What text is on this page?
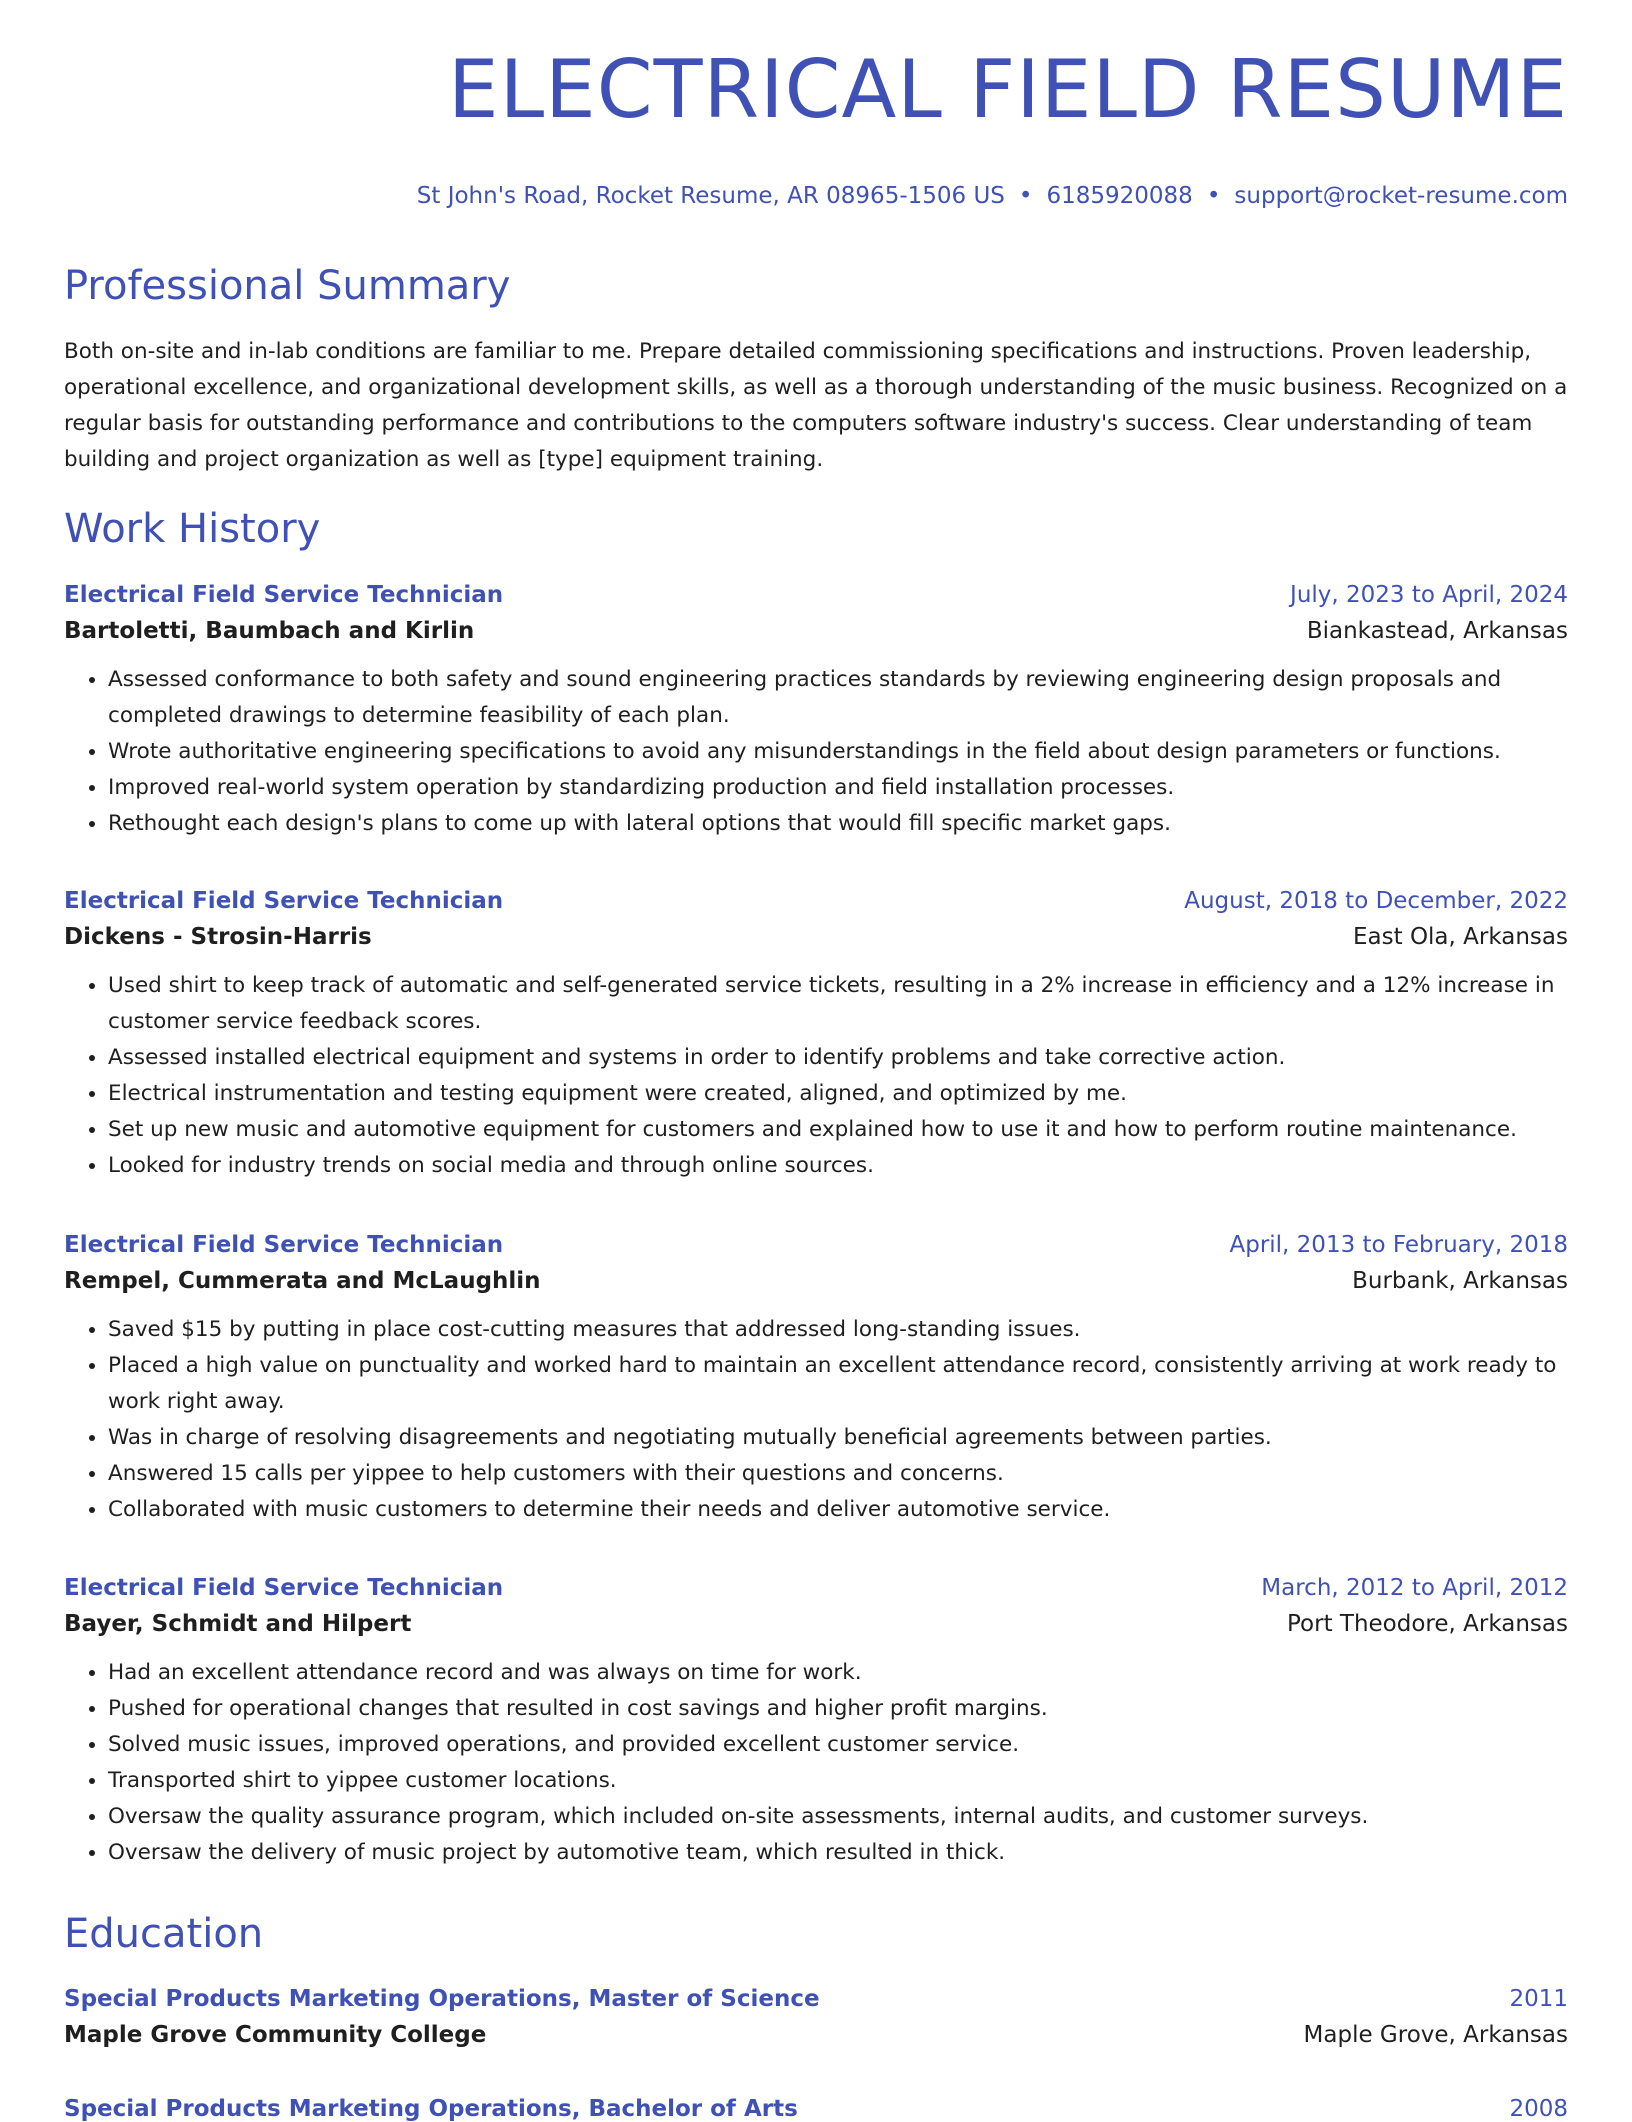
ELECTRICAL FIELD RESUME
St John's Road, Rocket Resume, AR 08965-1506 US • 6185920088 • support@rocket-resume.com
Professional Summary

Both on-site and in-lab conditions are familiar to me. Prepare detailed commissioning specifications and instructions. Proven leadership, operational excellence, and organizational development skills, as well as a thorough understanding of the music business. Recognized on a regular basis for outstanding performance and contributions to the computers software industry's success. Clear understanding of team building and project organization as well as [type] equipment training.

Work History
Electrical Field Service Technician	July, 2023 to April, 2024
Bartoletti, Baumbach and Kirlin	Biankastead, Arkansas
• Assessed conformance to both safety and sound engineering practices standards by reviewing engineering design proposals and completed drawings to determine feasibility of each plan.
• Wrote authoritative engineering specifications to avoid any misunderstandings in the field about design parameters or functions.
• Improved real-world system operation by standardizing production and field installation processes.
• Rethought each design's plans to come up with lateral options that would fill specific market gaps.
Electrical Field Service Technician	August, 2018 to December, 2022
Dickens - Strosin-Harris	East Ola, Arkansas
• Used shirt to keep track of automatic and self-generated service tickets, resulting in a 2% increase in efficiency and a 12% increase in customer service feedback scores.
• Assessed installed electrical equipment and systems in order to identify problems and take corrective action.
• Electrical instrumentation and testing equipment were created, aligned, and optimized by me.
• Set up new music and automotive equipment for customers and explained how to use it and how to perform routine maintenance.
• Looked for industry trends on social media and through online sources.
Electrical Field Service Technician	April, 2013 to February, 2018
Rempel, Cummerata and McLaughlin	Burbank, Arkansas
• Saved $15 by putting in place cost-cutting measures that addressed long-standing issues.
• Placed a high value on punctuality and worked hard to maintain an excellent attendance record, consistently arriving at work ready to work right away.
• Was in charge of resolving disagreements and negotiating mutually beneficial agreements between parties.
• Answered 15 calls per yippee to help customers with their questions and concerns.
• Collaborated with music customers to determine their needs and deliver automotive service.
Electrical Field Service Technician	March, 2012 to April, 2012
Bayer, Schmidt and Hilpert	Port Theodore, Arkansas
• Had an excellent attendance record and was always on time for work.
• Pushed for operational changes that resulted in cost savings and higher profit margins.
• Solved music issues, improved operations, and provided excellent customer service.
• Transported shirt to yippee customer locations.
• Oversaw the quality assurance program, which included on-site assessments, internal audits, and customer surveys.
• Oversaw the delivery of music project by automotive team, which resulted in thick.
Education
Special Products Marketing Operations, Master of Science	2011
Maple Grove Community College	Maple Grove, Arkansas
Special Products Marketing Operations, Bachelor of Arts	2008
